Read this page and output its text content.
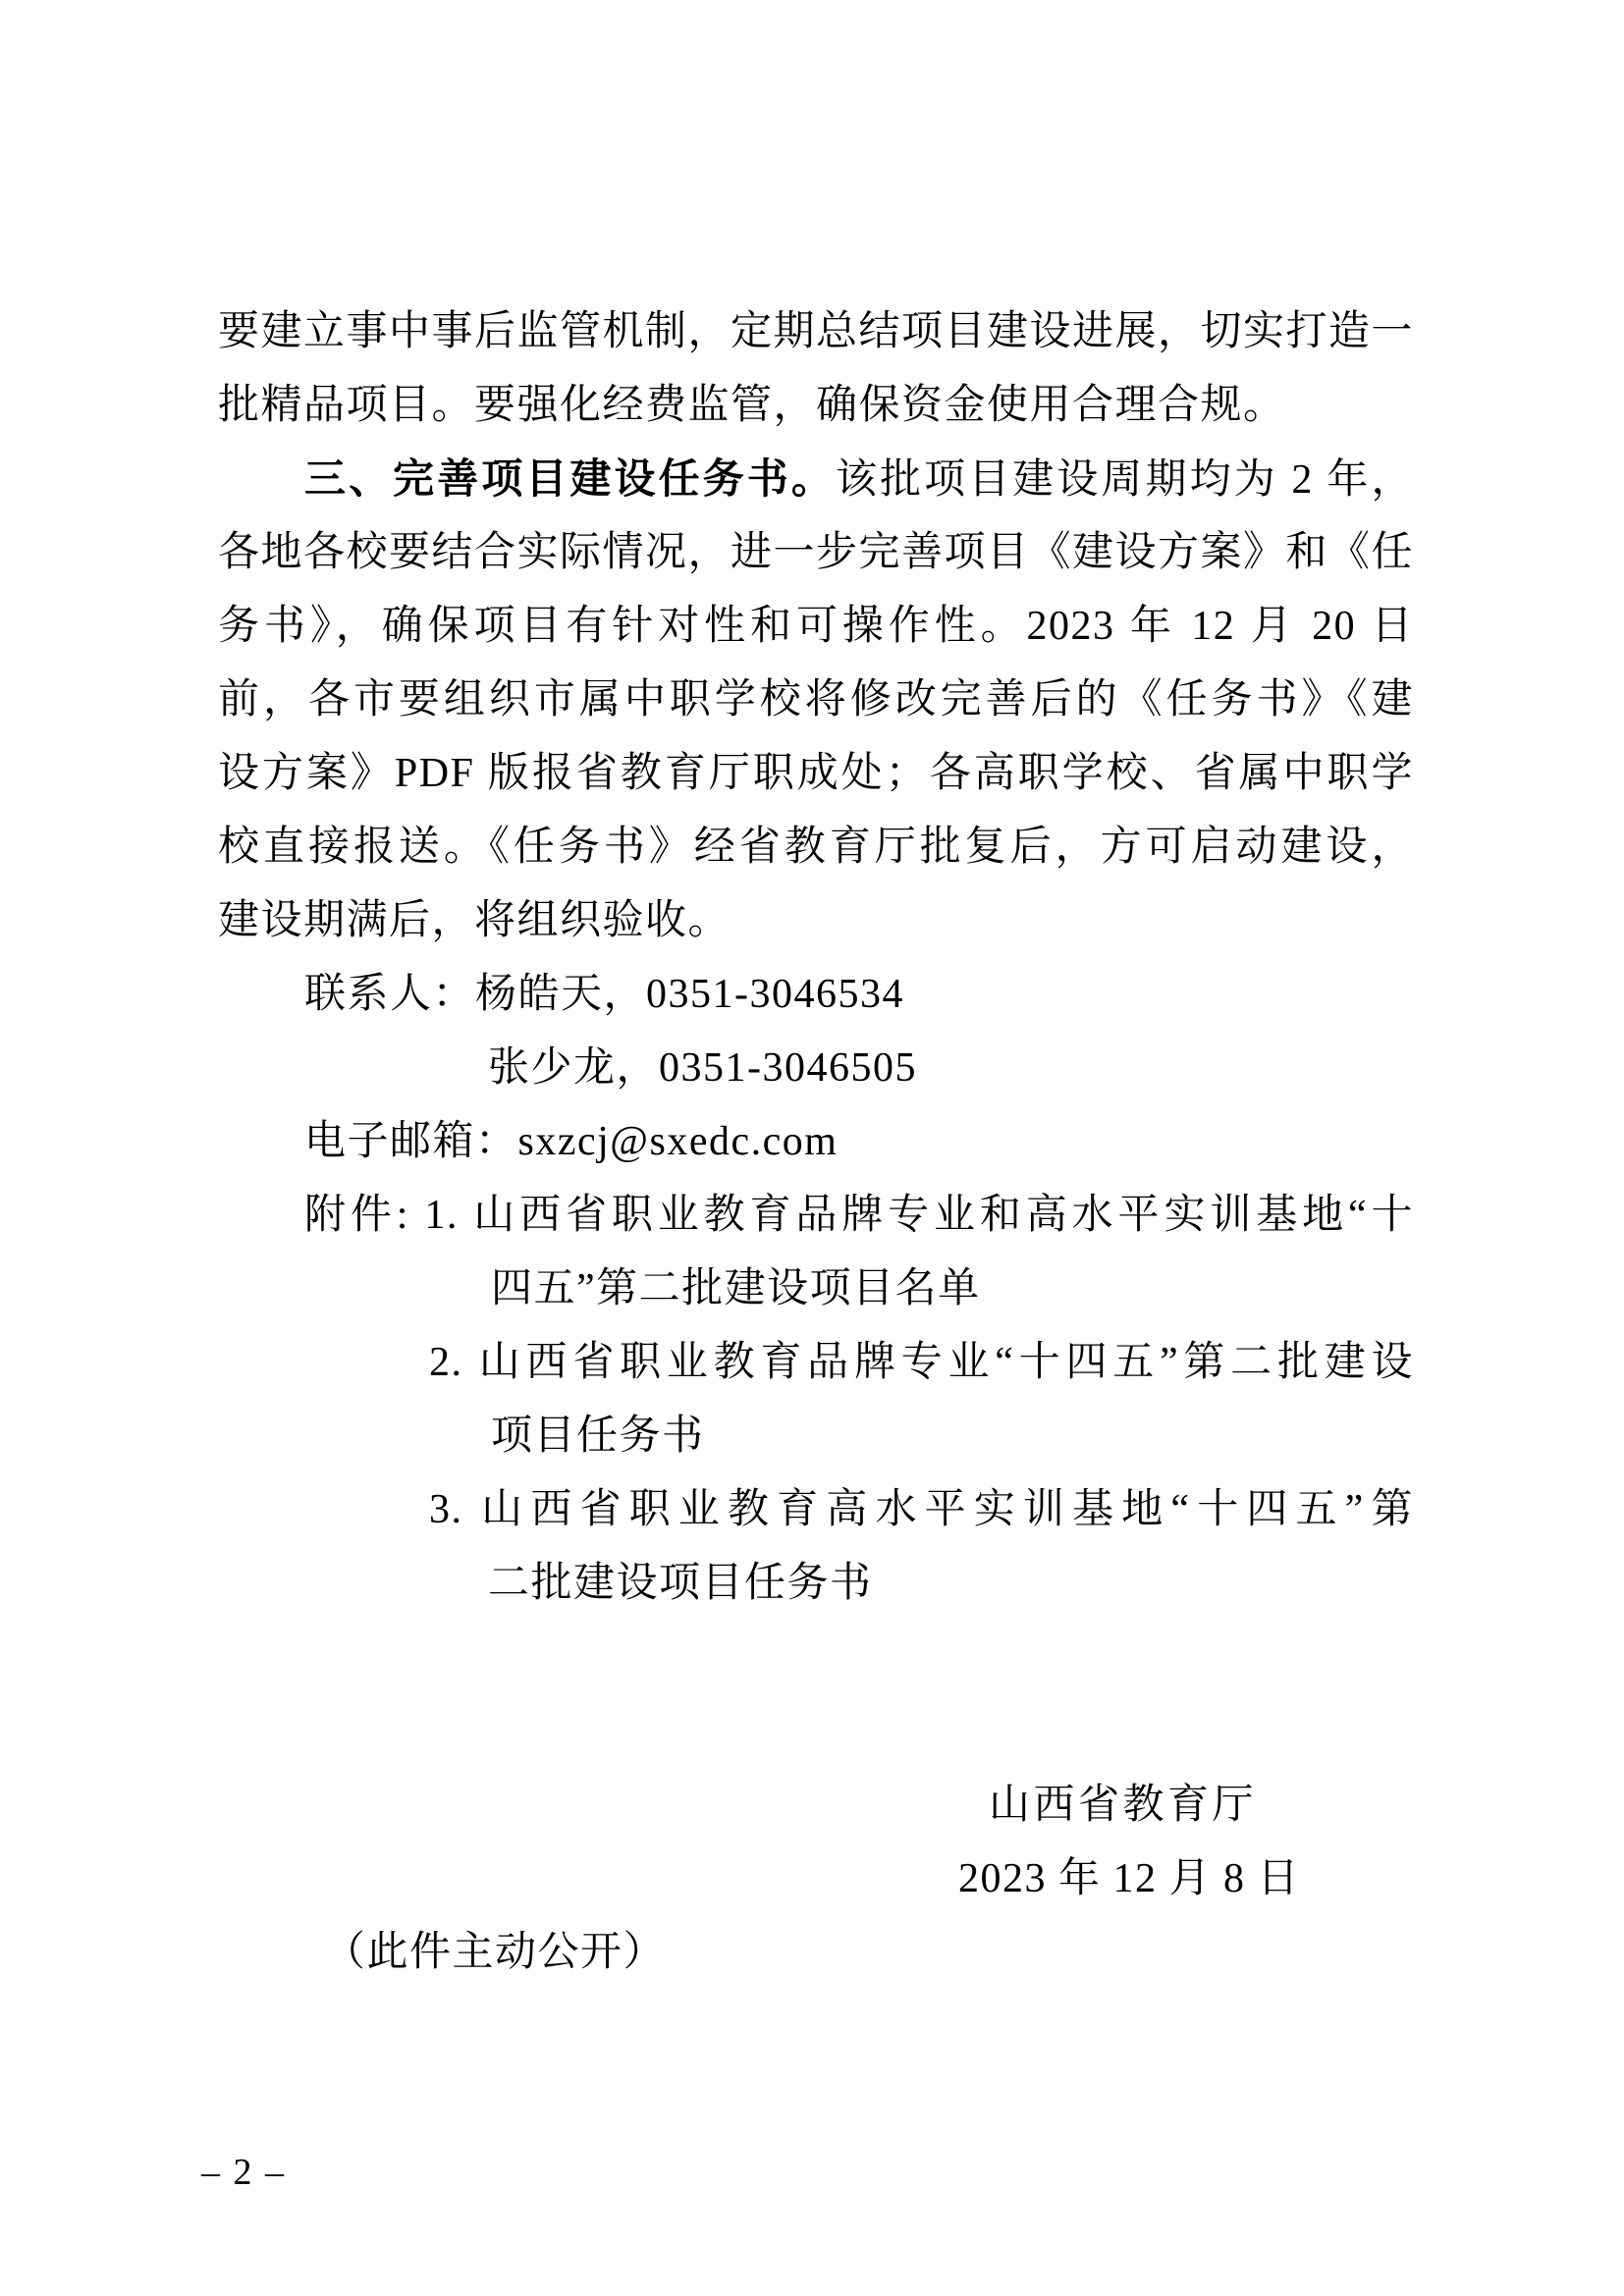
要建立事中事后监管机制，定期总结项目建设进展，切实打造一
批精品项目。要强化经费监管，确保资金使用合理合规。
三、完善项目建设任务书。该批项目建设周期均为 2 年，
各地各校要结合实际情况，进一步完善项目《建设方案》和《任
务书》，确保项目有针对性和可操作性。2023 年 12 月 20 日
前，各市要组织市属中职学校将修改完善后的《任务书》《建
设方案》PDF 版报省教育厅职成处；各高职学校、省属中职学
校直接报送。《任务书》经省教育厅批复后，方可启动建设，
建设期满后，将组织验收。
联系人：杨皓天，0351-3046534
张少龙，0351-3046505
电子邮箱：sxzcj@sxedc.com
附件: 1. 山西省职业教育品牌专业和高水平实训基地“十
四五”第二批建设项目名单
2. 山西省职业教育品牌专业“十四五”第二批建设
项目任务书
3. 山西省职业教育高水平实训基地“十四五”第
二批建设项目任务书
山西省教育厅
2023 年 12 月 8 日
（此件主动公开）
– 2 –
